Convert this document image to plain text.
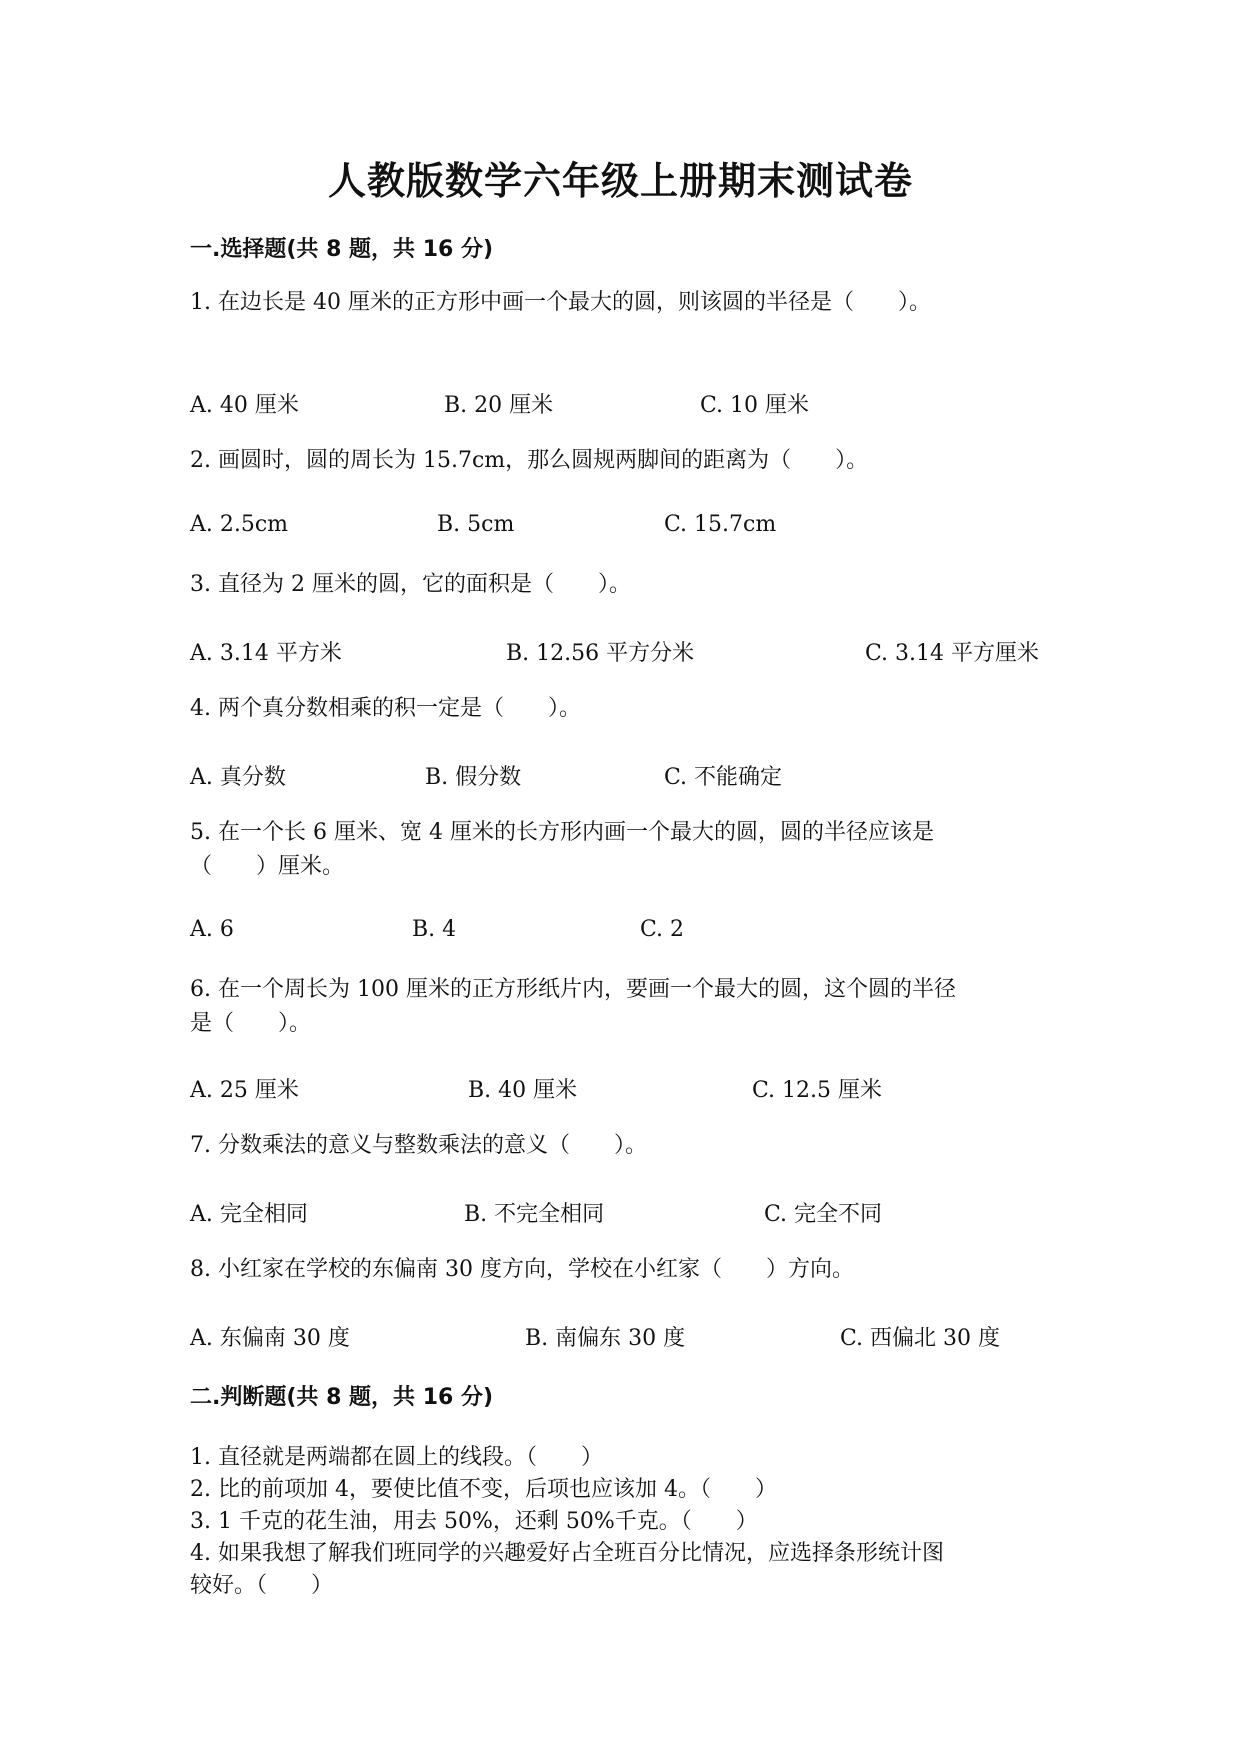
人教版数学六年级上册期末测试卷
一.选择题(共 8 题，共 16 分)
1. 在边长是 40 厘米的正方形中画一个最大的圆，则该圆的半径是（　　）。
A. 40 厘米	B. 20 厘米	C. 10 厘米
2. 画圆时，圆的周长为 15.7cm，那么圆规两脚间的距离为（　　）。
A. 2.5cm	B. 5cm	C. 15.7cm
3. 直径为 2 厘米的圆，它的面积是（　　）。
A. 3.14 平方米	B. 12.56 平方分米	C. 3.14 平方厘米
4. 两个真分数相乘的积一定是（　　）。
A. 真分数	B. 假分数	C. 不能确定
5. 在一个长 6 厘米、宽 4 厘米的长方形内画一个最大的圆，圆的半径应该是
（　　）厘米。
A. 6	B. 4	C. 2
6. 在一个周长为 100 厘米的正方形纸片内，要画一个最大的圆，这个圆的半径
是（　　）。
A. 25 厘米	B. 40 厘米	C. 12.5 厘米
7. 分数乘法的意义与整数乘法的意义（　　）。
A. 完全相同	B. 不完全相同	C. 完全不同
8. 小红家在学校的东偏南 30 度方向，学校在小红家（　　）方向。
A. 东偏南 30 度	B. 南偏东 30 度	C. 西偏北 30 度
二.判断题(共 8 题，共 16 分)
1. 直径就是两端都在圆上的线段。（　　）
2. 比的前项加 4，要使比值不变，后项也应该加 4。（　　）
3. 1 千克的花生油，用去 50%，还剩 50%千克。（　　）
4. 如果我想了解我们班同学的兴趣爱好占全班百分比情况，应选择条形统计图
较好。（　　）
